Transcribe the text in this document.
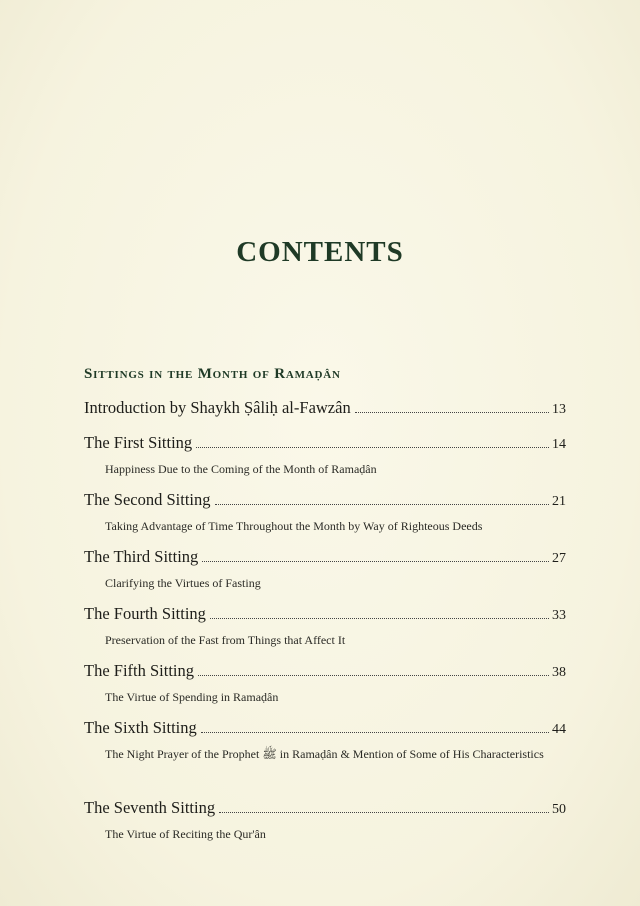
CONTENTS
Sittings in the Month of Ramaḍân
Introduction by Shaykh Ṣâliḥ al-Fawzân	13
The First Sitting	14
Happiness Due to the Coming of the Month of Ramaḍân
The Second Sitting	21
Taking Advantage of Time Throughout the Month by Way of Righteous Deeds
The Third Sitting	27
Clarifying the Virtues of Fasting
The Fourth Sitting	33
Preservation of the Fast from Things that Affect It
The Fifth Sitting	38
The Virtue of Spending in Ramaḍân
The Sixth Sitting	44
The Night Prayer of the Prophet ﷺ in Ramaḍân & Mention of Some of His Characteristics
The Seventh Sitting	50
The Virtue of Reciting the Qur'ân
